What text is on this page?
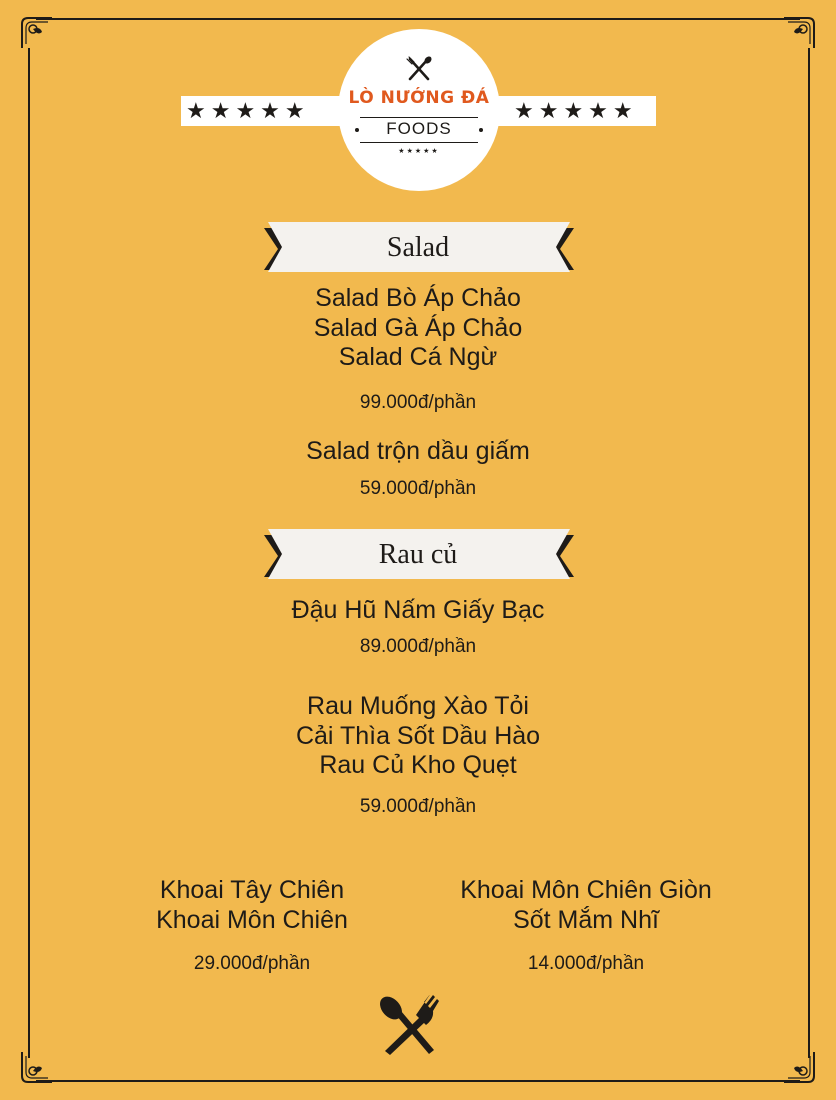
★★★★★	★★★★★
LÒ NƯỚNG ĐÁ
FOODS
★★★★★
Salad
Salad Bò Áp Chảo
Salad Gà Áp Chảo
Salad Cá Ngừ
99.000đ/phần
Salad trộn dầu giấm
59.000đ/phần
Rau củ
Đậu Hũ Nấm Giấy Bạc
89.000đ/phần
Rau Muống Xào Tỏi
Cải Thìa Sốt Dầu Hào
Rau Củ Kho Quẹt
59.000đ/phần
Khoai Tây Chiên
Khoai Môn Chiên
29.000đ/phần
Khoai Môn Chiên Giòn
Sốt Mắm Nhĩ
14.000đ/phần
